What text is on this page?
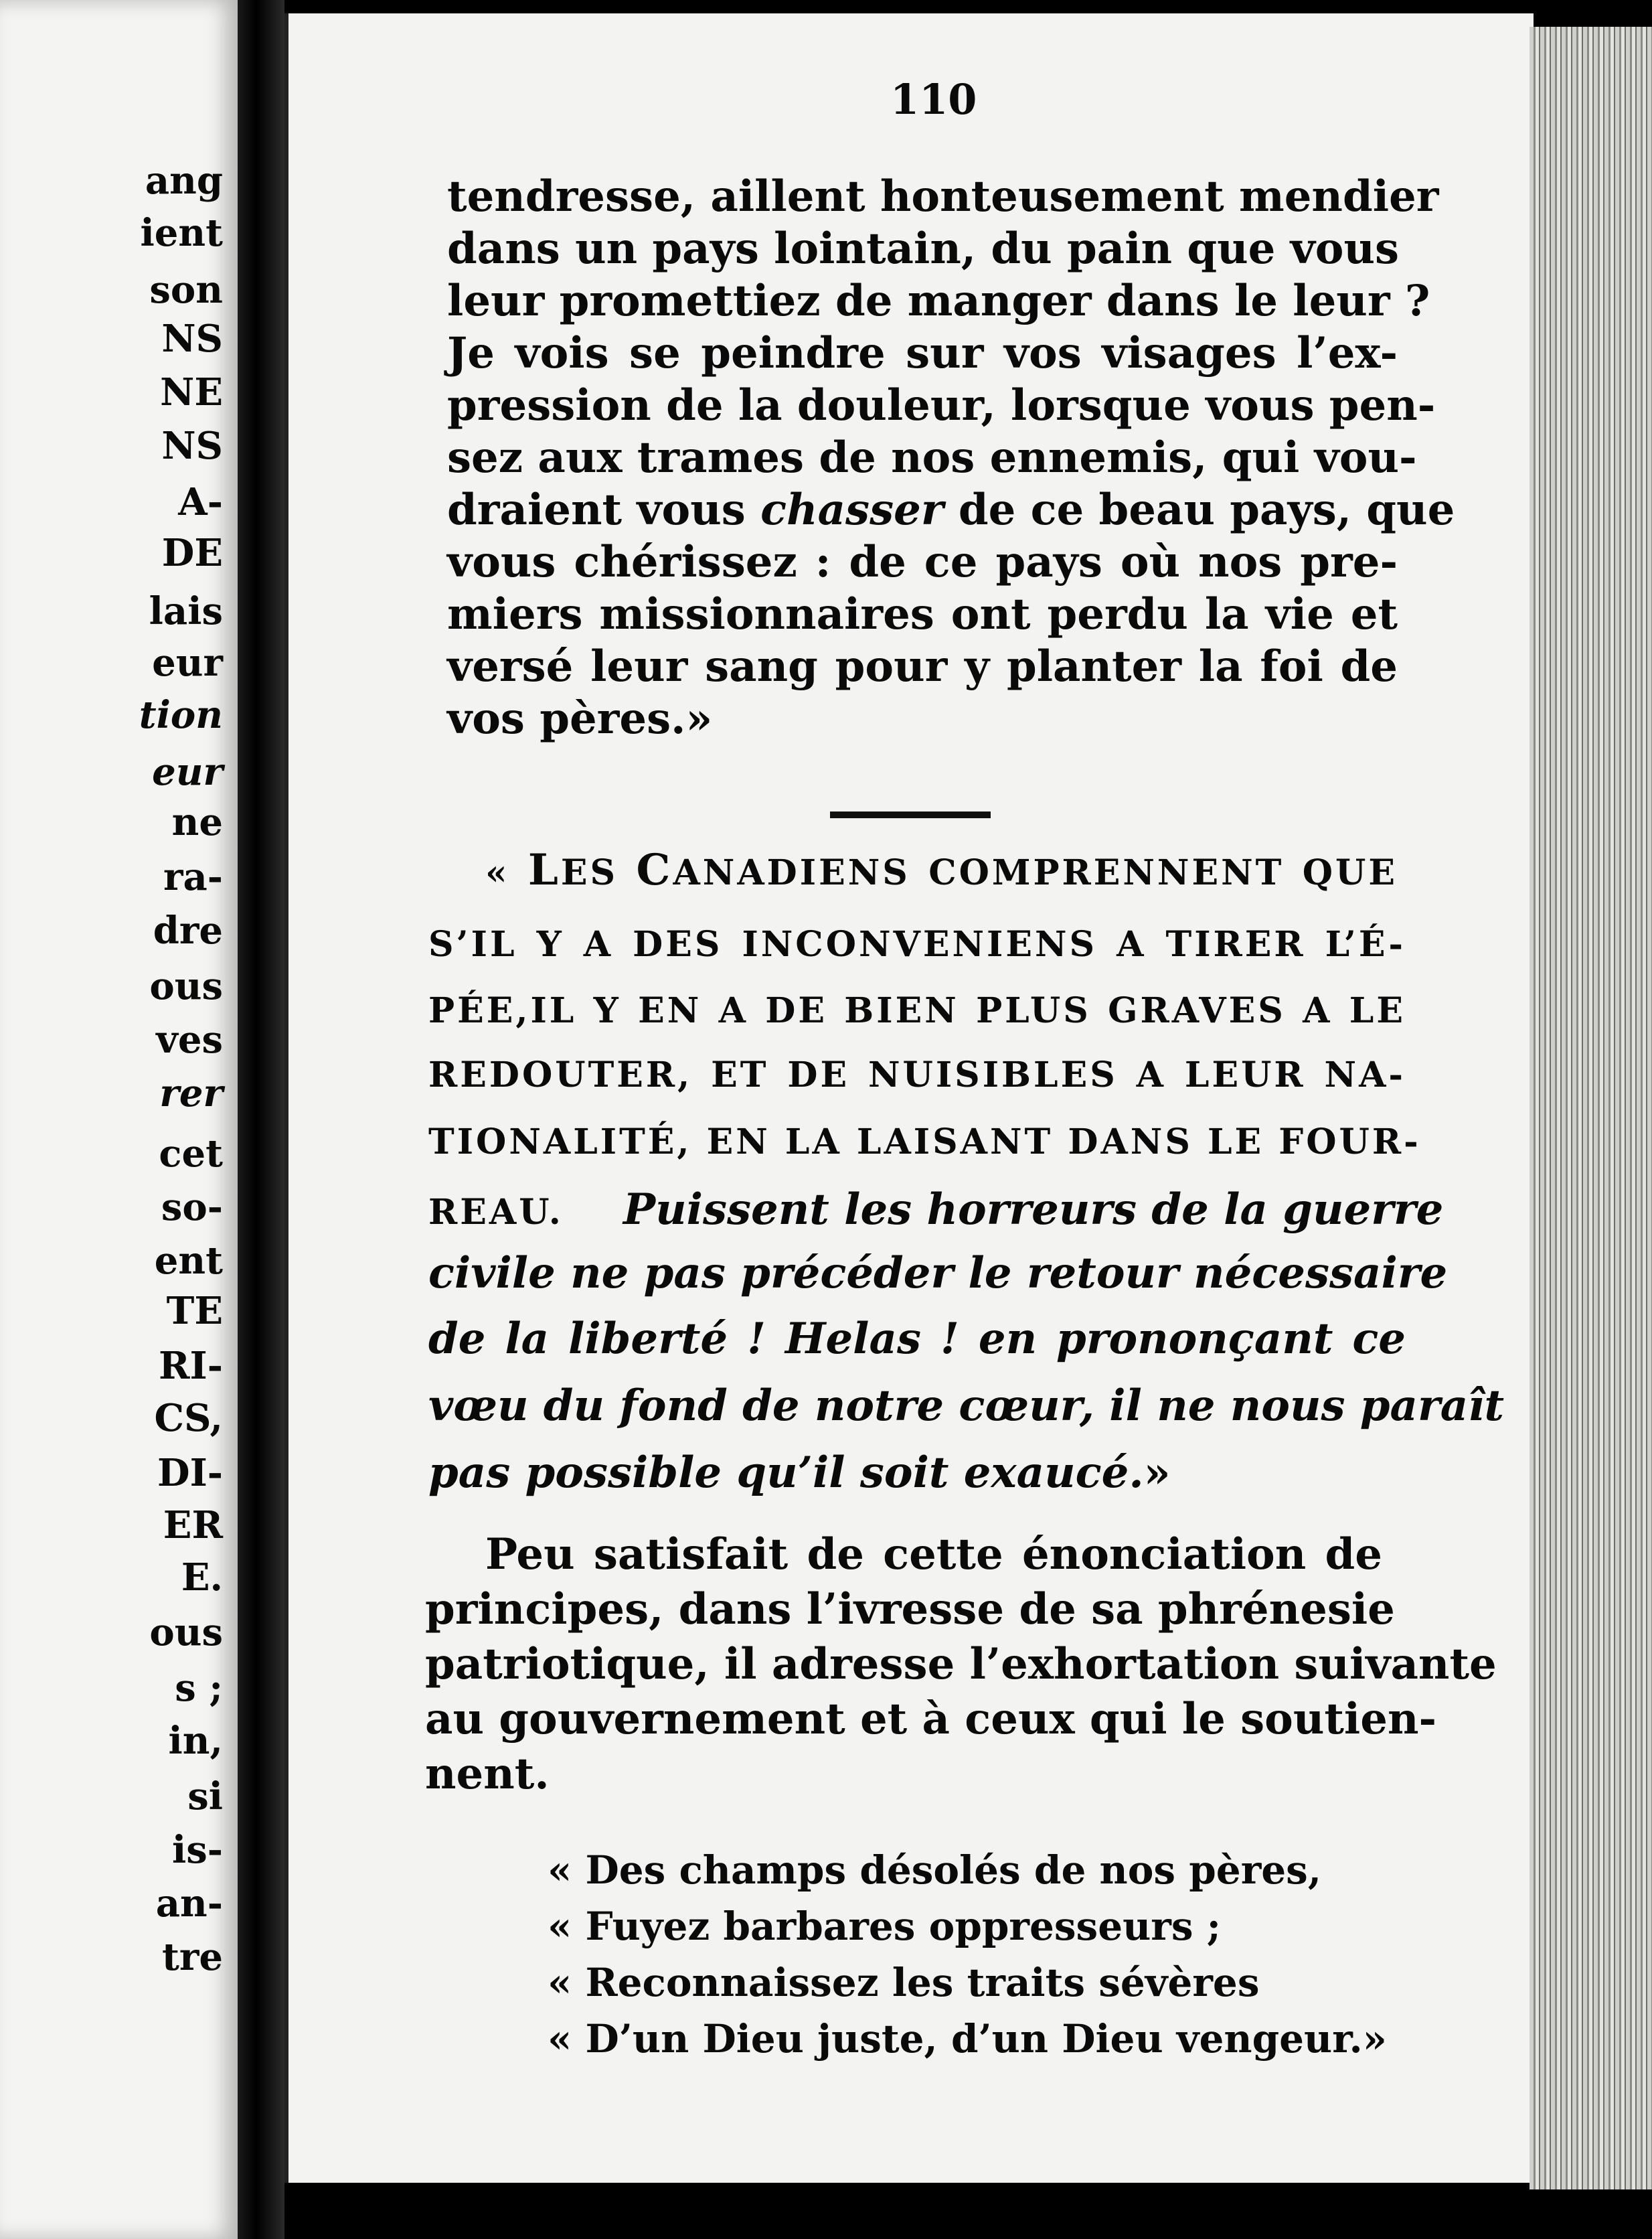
ang
ient
son
NS
NE
NS
A-
DE
lais
eur
tion
eur
ne
ra-
dre
ous
ves
rer
cet
so-
ent
TE
RI-
CS,
DI-
ER
E.
ous
s ;
in,
si
is-
an-
tre
110
tendresse, aillent honteusement mendier
dans un pays lointain, du pain que vous
leur promettiez de manger dans le leur ?
Je vois se peindre sur vos visages l’ex-
pression de la douleur, lorsque vous pen-
sez aux trames de nos ennemis, qui vou-
draient vous chasser de ce beau pays, que
vous chérissez : de ce pays où nos pre-
miers missionnaires ont perdu la vie et
versé leur sang pour y planter la foi de
vos pères.»
« LES CANADIENS COMPRENNENT QUE
S’IL Y A DES INCONVENIENS A TIRER L’É-
PÉE,IL Y EN A DE BIEN PLUS GRAVES A LE
REDOUTER, ET DE NUISIBLES A LEUR NA-
TIONALITÉ, EN LA LAISANT DANS LE FOUR-
REAU. Puissent les horreurs de la guerre
civile ne pas précéder le retour nécessaire
de la liberté ! Helas ! en prononçant ce
vœu du fond de notre cœur, il ne nous paraît
pas possible qu’il soit exaucé.»
Peu satisfait de cette énonciation de
principes, dans l’ivresse de sa phrénesie
patriotique, il adresse l’exhortation suivante
au gouvernement et à ceux qui le soutien-
nent.
« Des champs désolés de nos pères,
« Fuyez barbares oppresseurs ;
« Reconnaissez les traits sévères
« D’un Dieu juste, d’un Dieu vengeur.»
